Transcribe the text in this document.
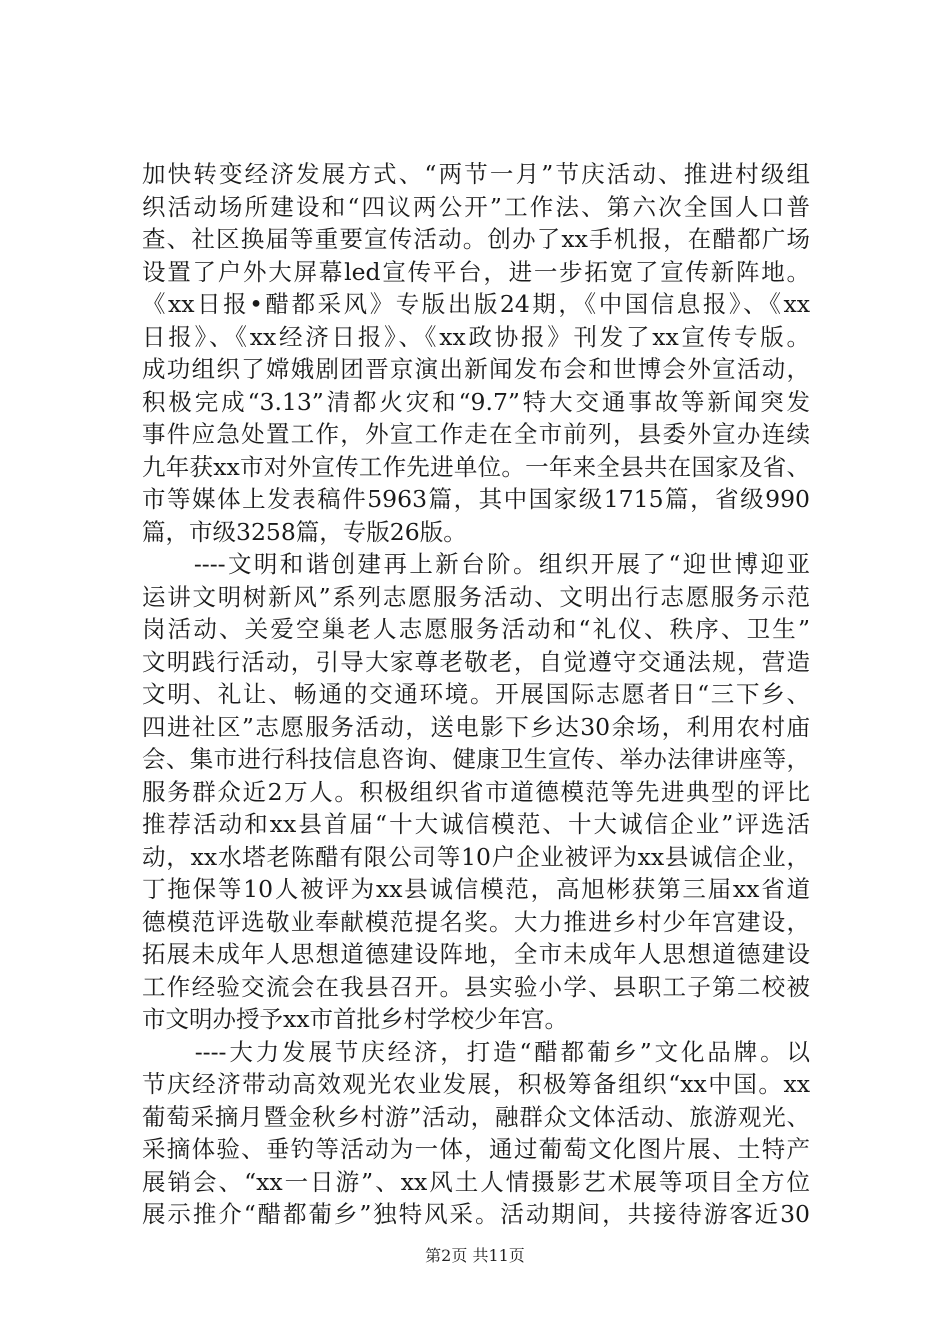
加快转变经济发展方式、“两节一月”节庆活动、推进村级组
织活动场所建设和“四议两公开”工作法、第六次全国人口普
查、社区换届等重要宣传活动。创办了xx手机报，在醋都广场
设置了户外大屏幕led宣传平台，进一步拓宽了宣传新阵地。
《xx日报•醋都采风》专版出版24期，《中国信息报》、《xx
日报》、《xx经济日报》、《xx政协报》刊发了xx宣传专版。
成功组织了嫦娥剧团晋京演出新闻发布会和世博会外宣活动，
积极完成“3.13”清都火灾和“9.7”特大交通事故等新闻突发
事件应急处置工作，外宣工作走在全市前列，县委外宣办连续
九年获xx市对外宣传工作先进单位。一年来全县共在国家及省、
市等媒体上发表稿件5963篇，其中国家级1715篇，省级990
篇，市级3258篇，专版26版。
　　----文明和谐创建再上新台阶。组织开展了“迎世博迎亚
运讲文明树新风”系列志愿服务活动、文明出行志愿服务示范
岗活动、关爱空巢老人志愿服务活动和“礼仪、秩序、卫生”
文明践行活动，引导大家尊老敬老，自觉遵守交通法规，营造
文明、礼让、畅通的交通环境。开展国际志愿者日“三下乡、
四进社区”志愿服务活动，送电影下乡达30余场，利用农村庙
会、集市进行科技信息咨询、健康卫生宣传、举办法律讲座等，
服务群众近2万人。积极组织省市道德模范等先进典型的评比
推荐活动和xx县首届“十大诚信模范、十大诚信企业”评选活
动，xx水塔老陈醋有限公司等10户企业被评为xx县诚信企业，
丁拖保等10人被评为xx县诚信模范，高旭彬获第三届xx省道
德模范评选敬业奉献模范提名奖。大力推进乡村少年宫建设，
拓展未成年人思想道德建设阵地，全市未成年人思想道德建设
工作经验交流会在我县召开。县实验小学、县职工子第二校被
市文明办授予xx市首批乡村学校少年宫。
　　----大力发展节庆经济，打造“醋都葡乡”文化品牌。以
节庆经济带动高效观光农业发展，积极筹备组织“xx中国。xx
葡萄采摘月暨金秋乡村游”活动，融群众文体活动、旅游观光、
采摘体验、垂钓等活动为一体，通过葡萄文化图片展、土特产
展销会、“xx一日游”、xx风土人情摄影艺术展等项目全方位
展示推介“醋都葡乡”独特风采。活动期间，共接待游客近30
第2页 共11页
